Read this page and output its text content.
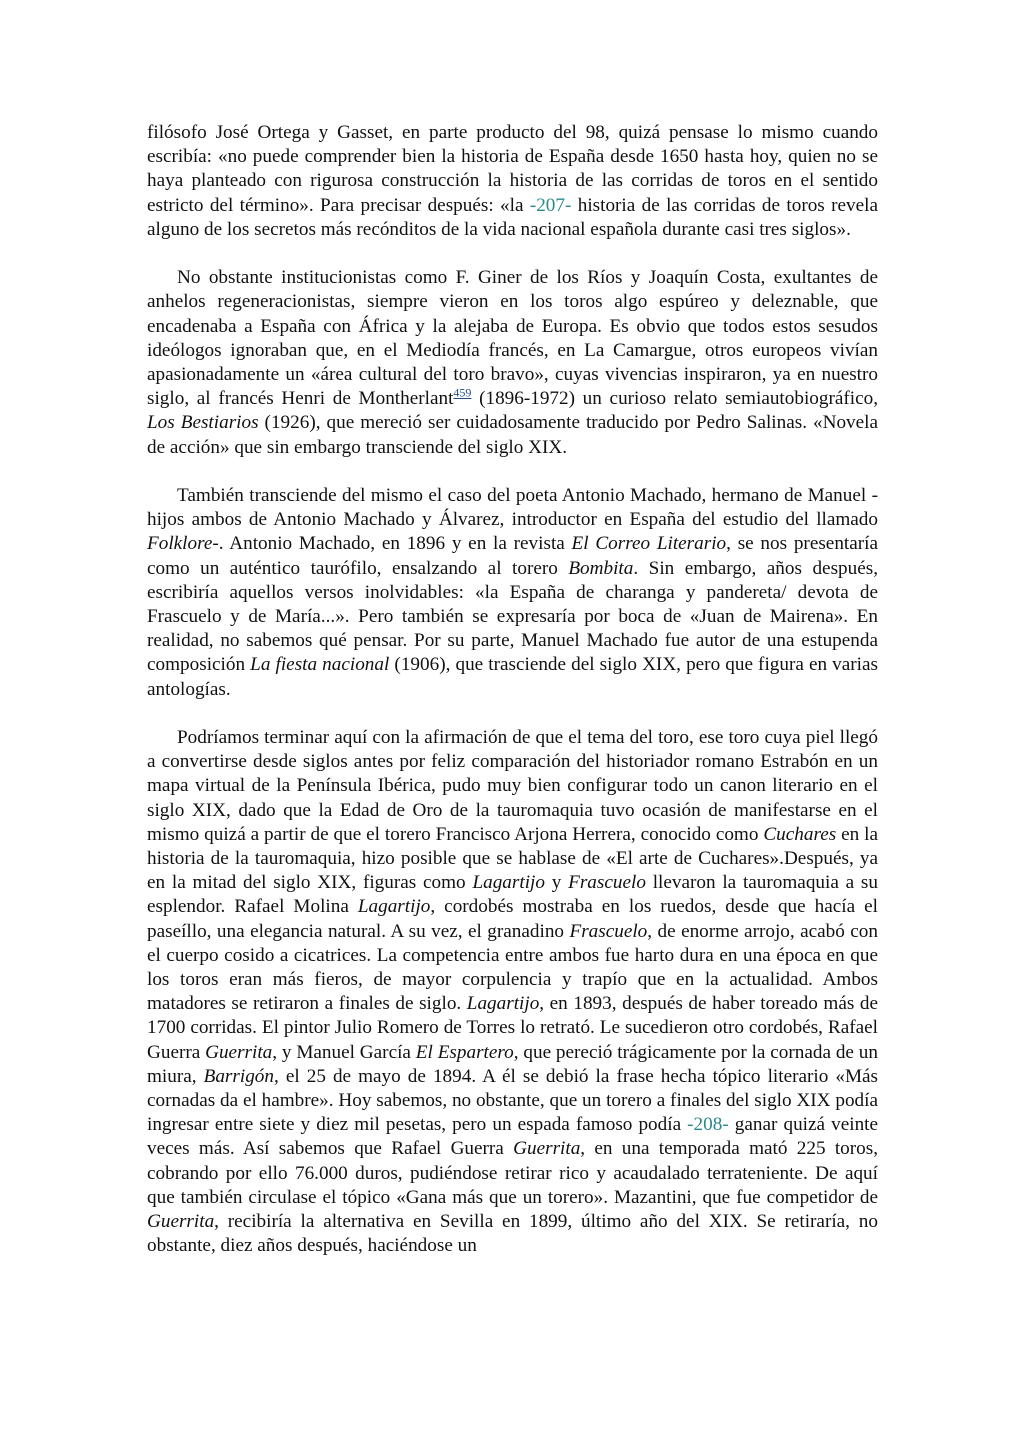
filósofo José Ortega y Gasset, en parte producto del 98, quizá pensase lo mismo cuando escribía: «no puede comprender bien la historia de España desde 1650 hasta hoy, quien no se haya planteado con rigurosa construcción la historia de las corridas de toros en el sentido estricto del término». Para precisar después: «la -207- historia de las corridas de toros revela alguno de los secretos más recónditos de la vida nacional española durante casi tres siglos».

No obstante institucionistas como F. Giner de los Ríos y Joaquín Costa, exultantes de anhelos regeneracionistas, siempre vieron en los toros algo espúreo y deleznable, que encadenaba a España con África y la alejaba de Europa. Es obvio que todos estos sesudos ideólogos ignoraban que, en el Mediodía francés, en La Camargue, otros europeos vivían apasionadamente un «área cultural del toro bravo», cuyas vivencias inspiraron, ya en nuestro siglo, al francés Henri de Montherlant$^{459}$ (1896-1972) un curioso relato semiautobiográfico, Los Bestiarios (1926), que mereció ser cuidadosamente traducido por Pedro Salinas. «Novela de acción» que sin embargo transciende del siglo XIX.

También transciende del mismo el caso del poeta Antonio Machado, hermano de Manuel -hijos ambos de Antonio Machado y Álvarez, introductor en España del estudio del llamado Folklore-. Antonio Machado, en 1896 y en la revista El Correo Literario, se nos presentaría como un auténtico taurófilo, ensalzando al torero Bombita. Sin embargo, años después, escribiría aquellos versos inolvidables: «la España de charanga y pandereta/ devota de Frascuelo y de María...». Pero también se expresaría por boca de «Juan de Mairena». En realidad, no sabemos qué pensar. Por su parte, Manuel Machado fue autor de una estupenda composición La fiesta nacional (1906), que trasciende del siglo XIX, pero que figura en varias antologías.

Podríamos terminar aquí con la afirmación de que el tema del toro, ese toro cuya piel llegó a convertirse desde siglos antes por feliz comparación del historiador romano Estrabón en un mapa virtual de la Península Ibérica, pudo muy bien configurar todo un canon literario en el siglo XIX, dado que la Edad de Oro de la tauromaquia tuvo ocasión de manifestarse en el mismo quizá a partir de que el torero Francisco Arjona Herrera, conocido como Cuchares en la historia de la tauromaquia, hizo posible que se hablase de «El arte de Cuchares».Después, ya en la mitad del siglo XIX, figuras como Lagartijo y Frascuelo llevaron la tauromaquia a su esplendor. Rafael Molina Lagartijo, cordobés mostraba en los ruedos, desde que hacía el paseíllo, una elegancia natural. A su vez, el granadino Frascuelo, de enorme arrojo, acabó con el cuerpo cosido a cicatrices. La competencia entre ambos fue harto dura en una época en que los toros eran más fieros, de mayor corpulencia y trapío que en la actualidad. Ambos matadores se retiraron a finales de siglo. Lagartijo, en 1893, después de haber toreado más de 1700 corridas. El pintor Julio Romero de Torres lo retrató. Le sucedieron otro cordobés, Rafael Guerra Guerrita, y Manuel García El Espartero, que pereció trágicamente por la cornada de un miura, Barrigón, el 25 de mayo de 1894. A él se debió la frase hecha tópico literario «Más cornadas da el hambre». Hoy sabemos, no obstante, que un torero a finales del siglo XIX podía ingresar entre siete y diez mil pesetas, pero un espada famoso podía -208- ganar quizá veinte veces más. Así sabemos que Rafael Guerra Guerrita, en una temporada mató 225 toros, cobrando por ello 76.000 duros, pudiéndose retirar rico y acaudalado terrateniente. De aquí que también circulase el tópico «Gana más que un torero». Mazantini, que fue competidor de Guerrita, recibiría la alternativa en Sevilla en 1899, último año del XIX. Se retiraría, no obstante, diez años después, haciéndose un
